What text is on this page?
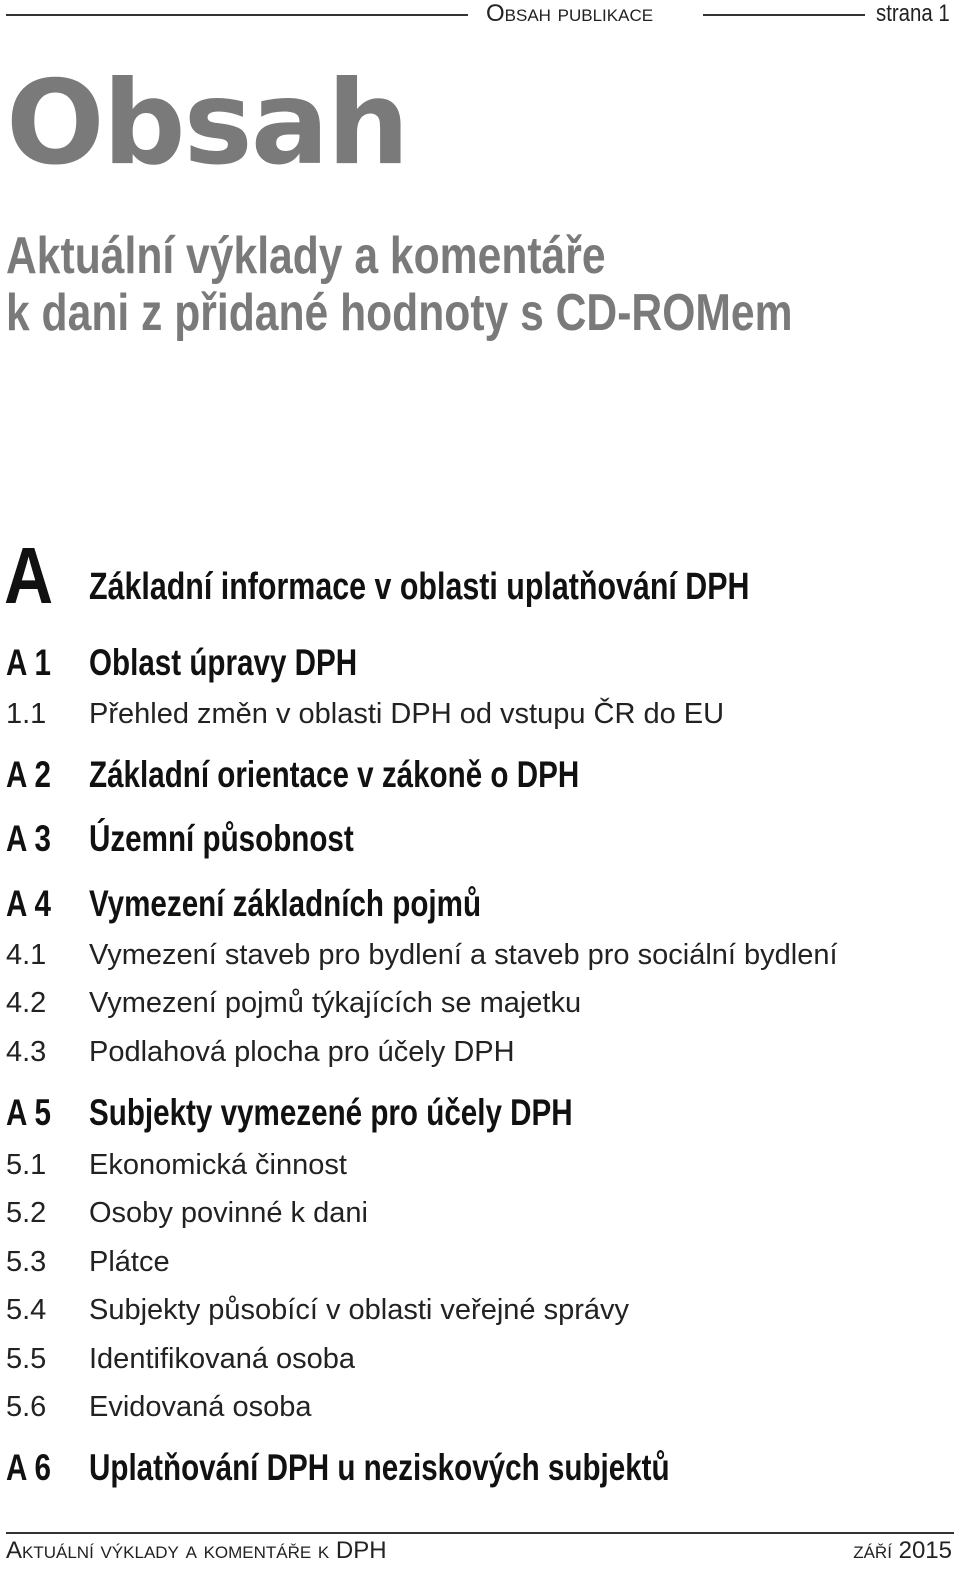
Obsah publikace	strana 1
Obsah
Aktuální výklady a komentáře
k dani z přidané hodnoty s CD-ROMem
A Základní informace v oblasti uplatňování DPH
A 1 Oblast úpravy DPH
1.1 Přehled změn v oblasti DPH od vstupu ČR do EU
A 2 Základní orientace v zákoně o DPH
A 3 Územní působnost
A 4 Vymezení základních pojmů
4.1 Vymezení staveb pro bydlení a staveb pro sociální bydlení
4.2 Vymezení pojmů týkajících se majetku
4.3 Podlahová plocha pro účely DPH
A 5 Subjekty vymezené pro účely DPH
5.1 Ekonomická činnost
5.2 Osoby povinné k dani
5.3 Plátce
5.4 Subjekty působící v oblasti veřejné správy
5.5 Identifikovaná osoba
5.6 Evidovaná osoba
A 6 Uplatňování DPH u neziskových subjektů
Aktuální výklady a komentáře k DPH	září 2015
